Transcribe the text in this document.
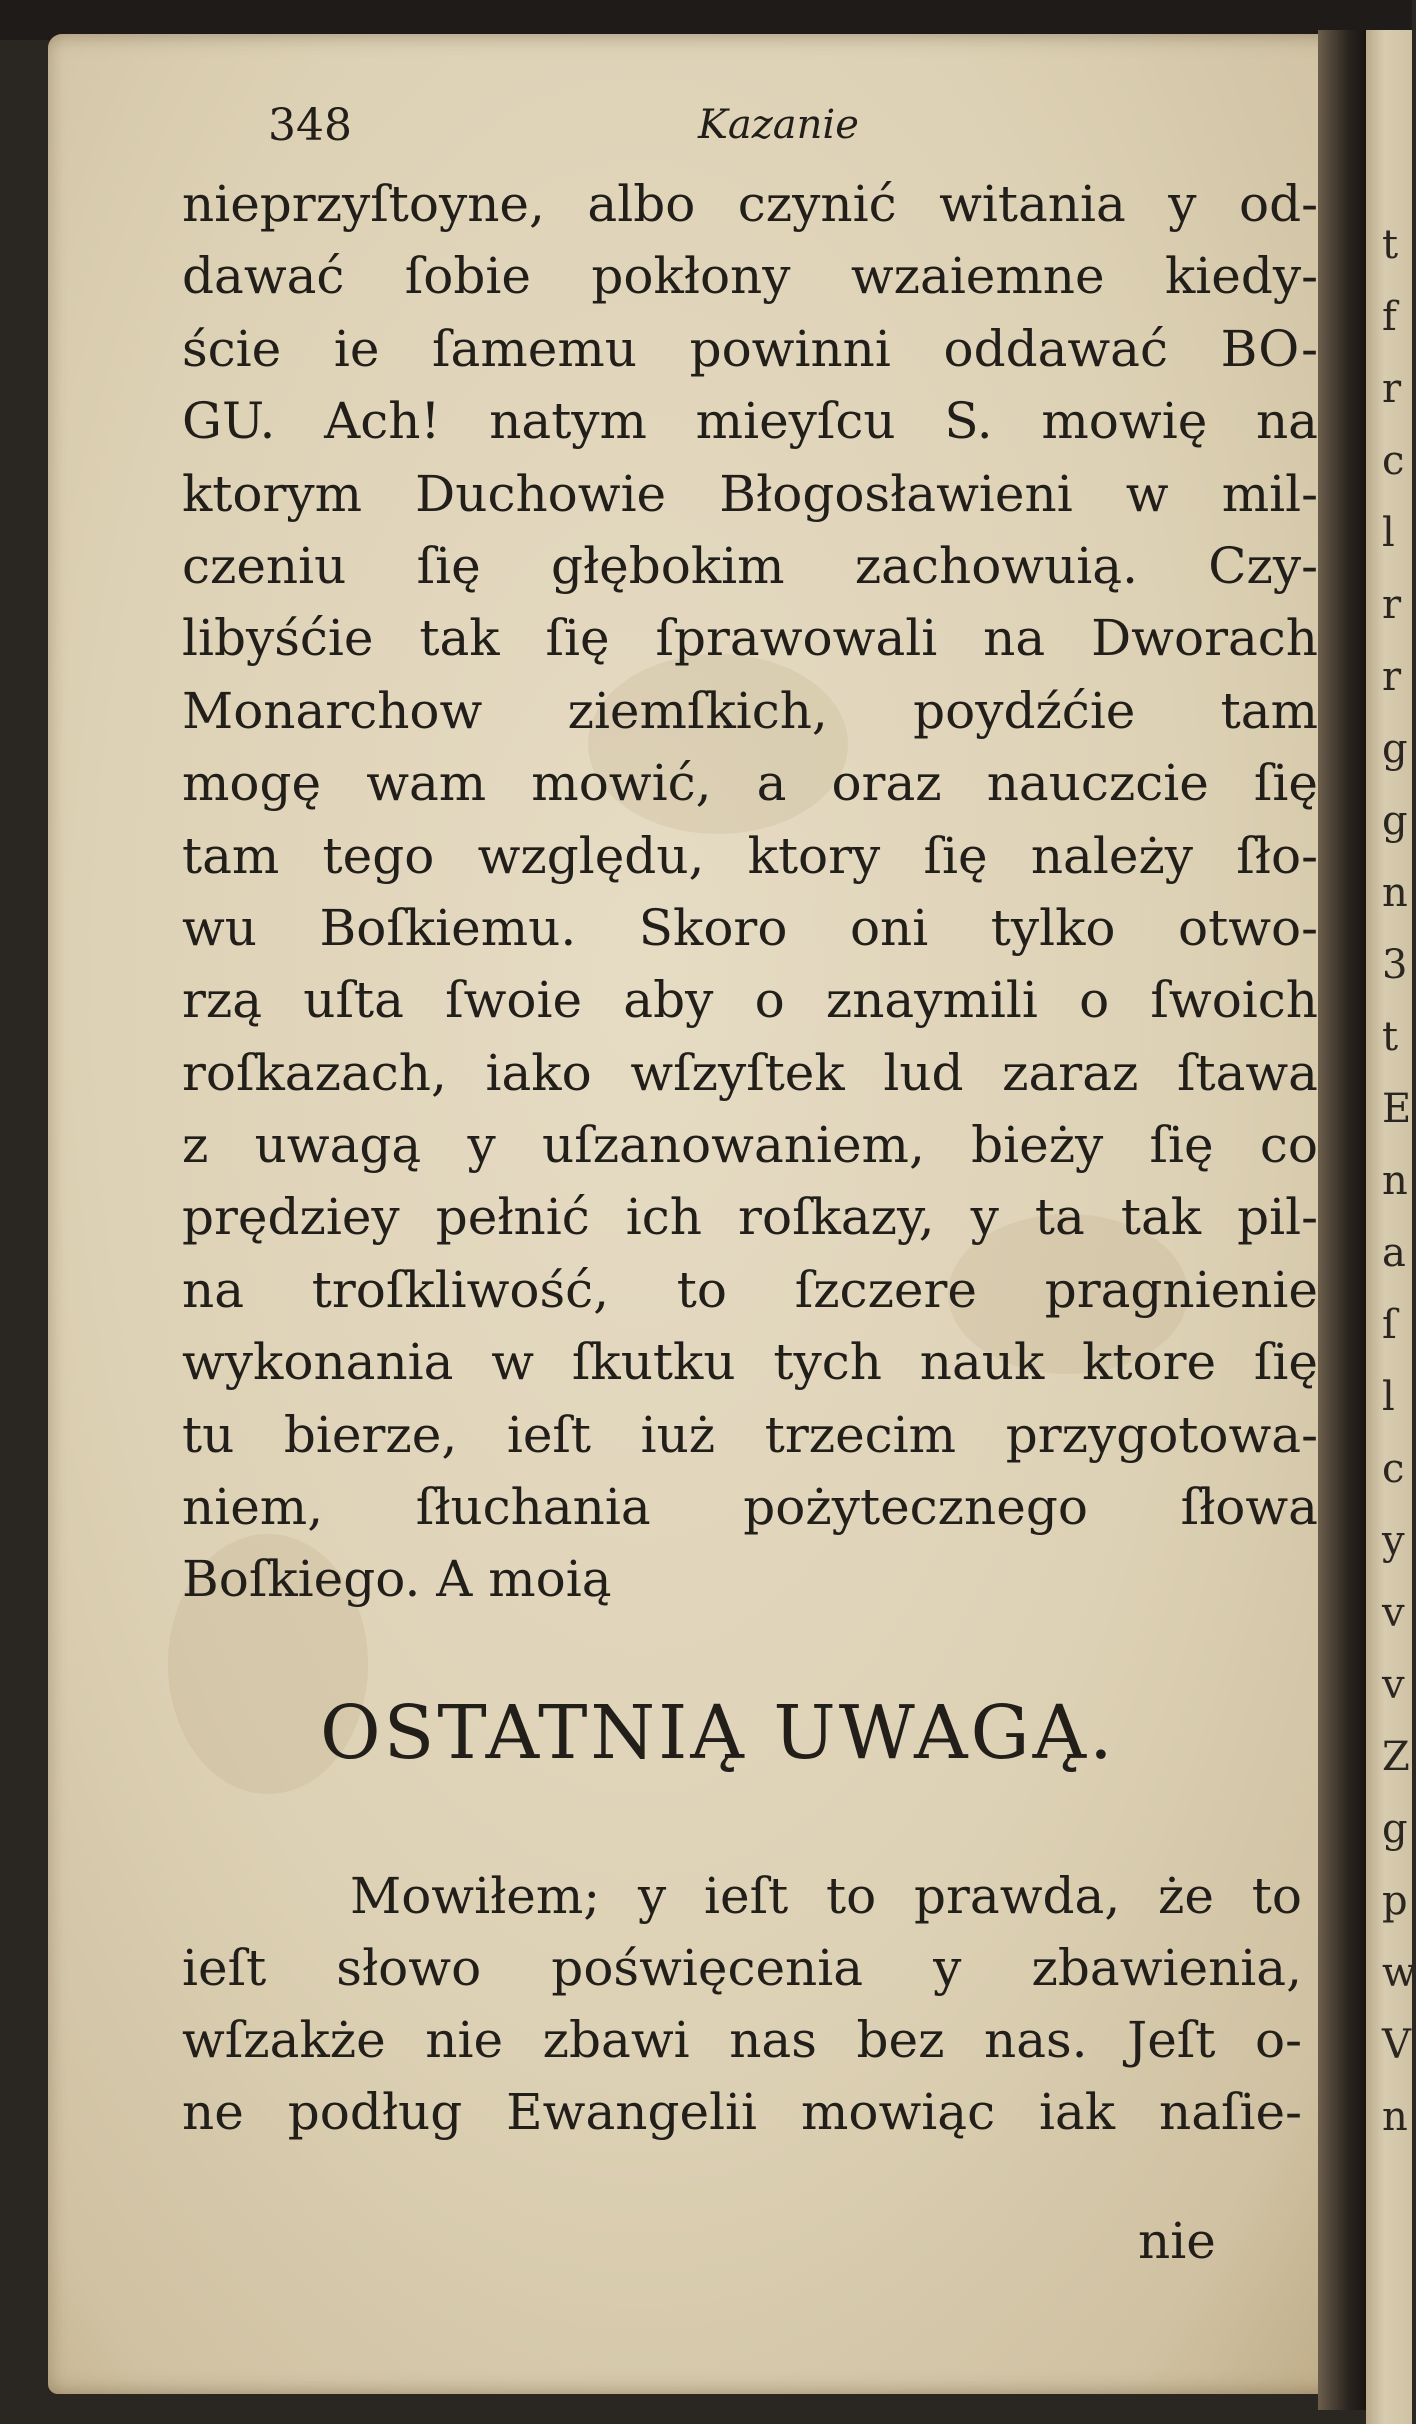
t
f
r
c
l
r
r
g
g
n
3
t
E
n
a
ſ
l
c
y
v
v
Z
g
p
w
V
n
348	Kazanie
nieprzyſtoyne, albo czynić witania y od-
dawać ſobie pokłony wzaiemne kiedy-
ście ie ſamemu powinni oddawać BO-
GU. Ach! natym mieyſcu S. mowię na
ktorym Duchowie Błogosławieni w mil-
czeniu ſię głębokim zachowuią. Czy-
libyśćie tak ſię ſprawowali na Dworach
Monarchow ziemſkich, poydźćie tam
mogę wam mowić, a oraz nauczcie ſię
tam tego względu, ktory ſię należy ſło-
wu Boſkiemu. Skoro oni tylko otwo-
rzą uſta ſwoie aby o znaymili o ſwoich
roſkazach, iako wſzyſtek lud zaraz ſtawa
z uwagą y uſzanowaniem, bieży ſię co
prędziey pełnić ich roſkazy, y ta tak pil-
na troſkliwość, to ſzczere pragnienie
wykonania w ſkutku tych nauk ktore ſię
tu bierze, ieſt iuż trzecim przygotowa-
niem, ſłuchania pożytecznego ſłowa
Boſkiego. A moią
OSTATNIĄ UWAGĄ.
Mowiłem; y ieſt to prawda, że to
ieſt słowo poświęcenia y zbawienia,
wſzakże nie zbawi nas bez nas. Jeſt o-
ne podług Ewangelii mowiąc iak naſie-
nie
